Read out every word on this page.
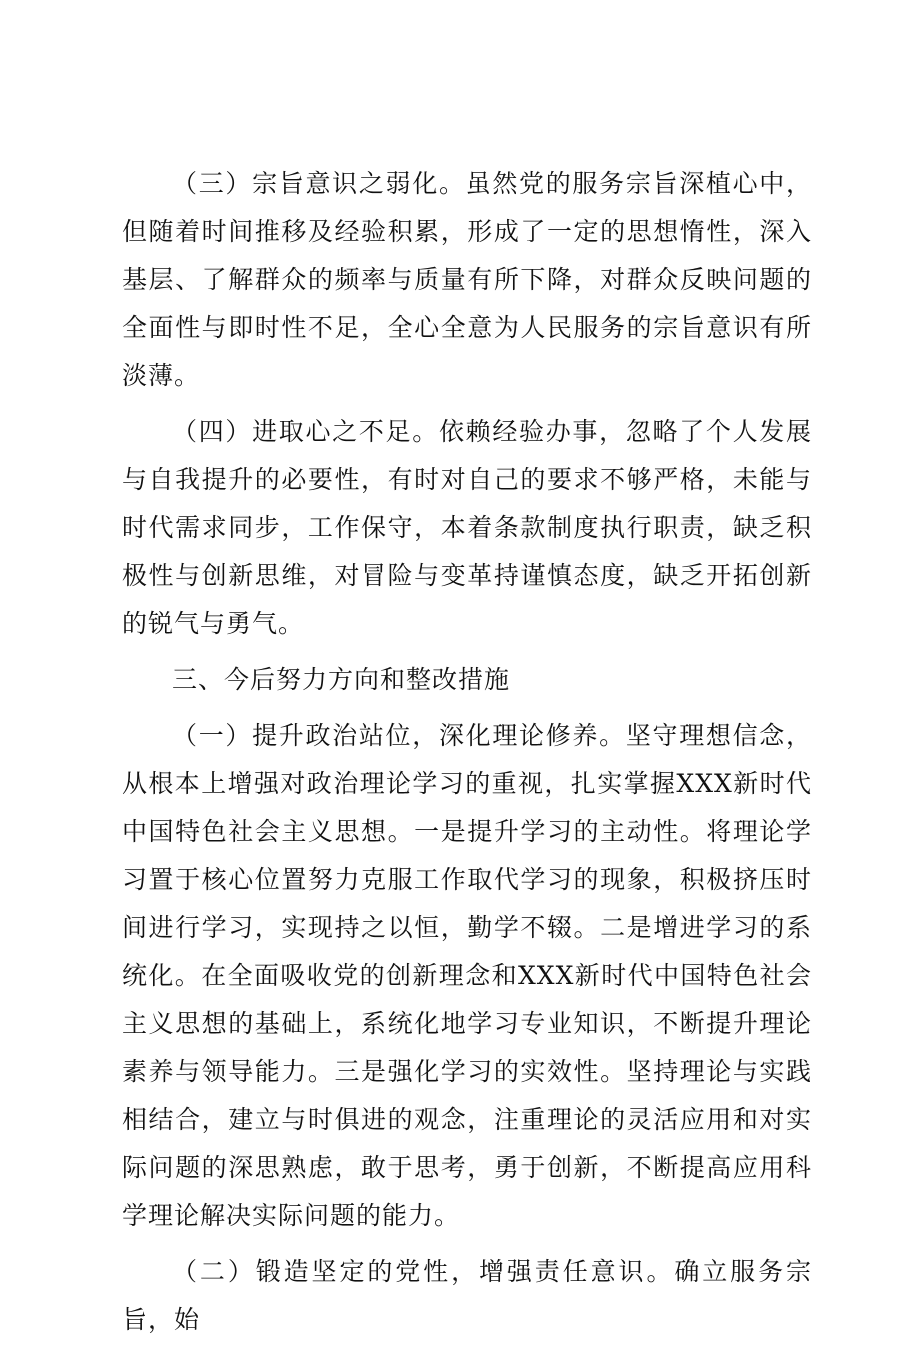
（三）宗旨意识之弱化。虽然党的服务宗旨深植心中，但随着时间推移及经验积累，形成了一定的思想惰性，深入基层、了解群众的频率与质量有所下降，对群众反映问题的全面性与即时性不足，全心全意为人民服务的宗旨意识有所淡薄。

（四）进取心之不足。依赖经验办事，忽略了个人发展与自我提升的必要性，有时对自己的要求不够严格，未能与时代需求同步，工作保守，本着条款制度执行职责，缺乏积极性与创新思维，对冒险与变革持谨慎态度，缺乏开拓创新的锐气与勇气。

三、今后努力方向和整改措施

（一）提升政治站位，深化理论修养。坚守理想信念，从根本上增强对政治理论学习的重视，扎实掌握XXX新时代中国特色社会主义思想。一是提升学习的主动性。将理论学习置于核心位置努力克服工作取代学习的现象，积极挤压时间进行学习，实现持之以恒，勤学不辍。二是增进学习的系统化。在全面吸收党的创新理念和XXX新时代中国特色社会主义思想的基础上，系统化地学习专业知识，不断提升理论素养与领导能力。三是强化学习的实效性。坚持理论与实践相结合，建立与时俱进的观念，注重理论的灵活应用和对实际问题的深思熟虑，敢于思考，勇于创新，不断提高应用科学理论解决实际问题的能力。

（二）锻造坚定的党性，增强责任意识。确立服务宗旨，始
